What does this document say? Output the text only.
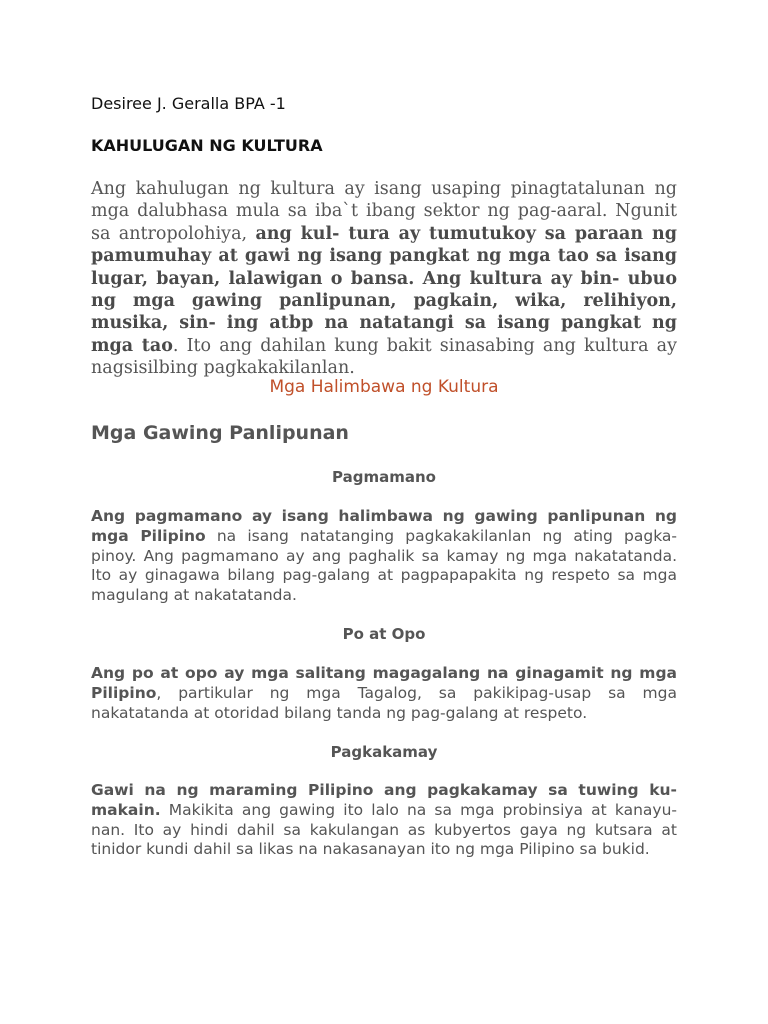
Desiree J. Geralla BPA -1
KAHULUGAN NG KULTURA

Ang kahulugan ng kultura ay isang usaping pinagtatalunan ng mga dalubhasa mula sa iba`t ibang sektor ng pag-aaral. Ngunit sa antropolohiya, ang kul- tura ay tumutukoy sa paraan ng pamumuhay at gawi ng isang pangkat ng mga tao sa isang lugar, bayan, lalawigan o bansa. Ang kultura ay bin- ubuo ng mga gawing panlipunan, pagkain, wika, relihiyon, musika, sin- ing atbp na natatangi sa isang pangkat ng mga tao. Ito ang dahilan kung bakit sinasabing ang kultura ay nagsisilbing pagkakakilanlan.

Mga Halimbawa ng Kultura
Mga Gawing Panlipunan
Pagmamano

Ang pagmamano ay isang halimbawa ng gawing panlipunan ng mga Pilipino na isang natatanging pagkakakilanlan ng ating pagka- pinoy. Ang pagmamano ay ang paghalik sa kamay ng mga nakatatanda. Ito ay ginagawa bilang pag-galang at pagpapapakita ng respeto sa mga magulang at nakatatanda.

Po at Opo

Ang po at opo ay mga salitang magagalang na ginagamit ng mga Pilipino, partikular ng mga Tagalog, sa pakikipag-usap sa mga nakatatanda at otoridad bilang tanda ng pag-galang at respeto.

Pagkakamay

Gawi na ng maraming Pilipino ang pagkakamay sa tuwing ku- makain. Makikita ang gawing ito lalo na sa mga probinsiya at kanayu- nan. Ito ay hindi dahil sa kakulangan as kubyertos gaya ng kutsara at tinidor kundi dahil sa likas na nakasanayan ito ng mga Pilipino sa bukid.
